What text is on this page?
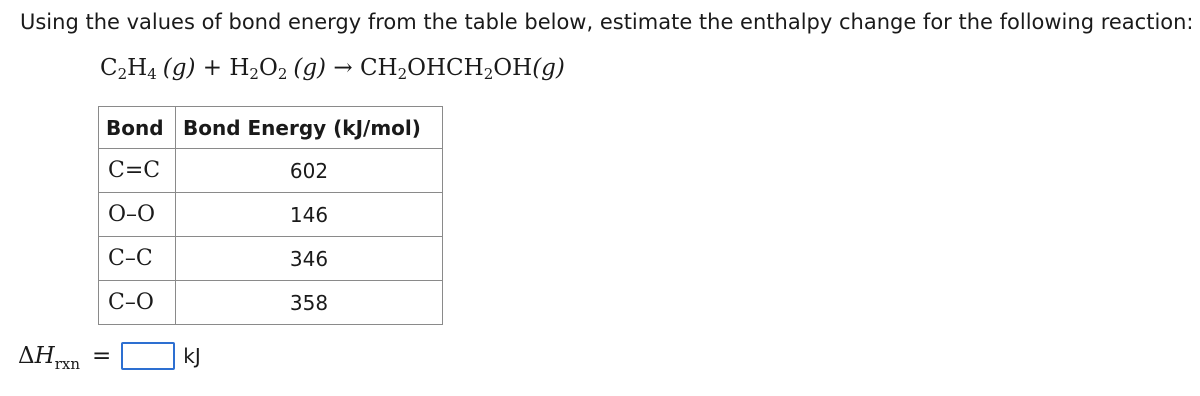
Using the values of bond energy from the table below, estimate the enthalpy change for the following reaction:
$C_2H_4$ $(g) + H_2O_2$ $(g) \to CH_2OHCH_2OH(g)$
Bond	Bond Energy (kJ/mol)
C=C	602
O–O	146
C–C	346
C–O	358
$\Delta H_{rxn}$ =	kJ
